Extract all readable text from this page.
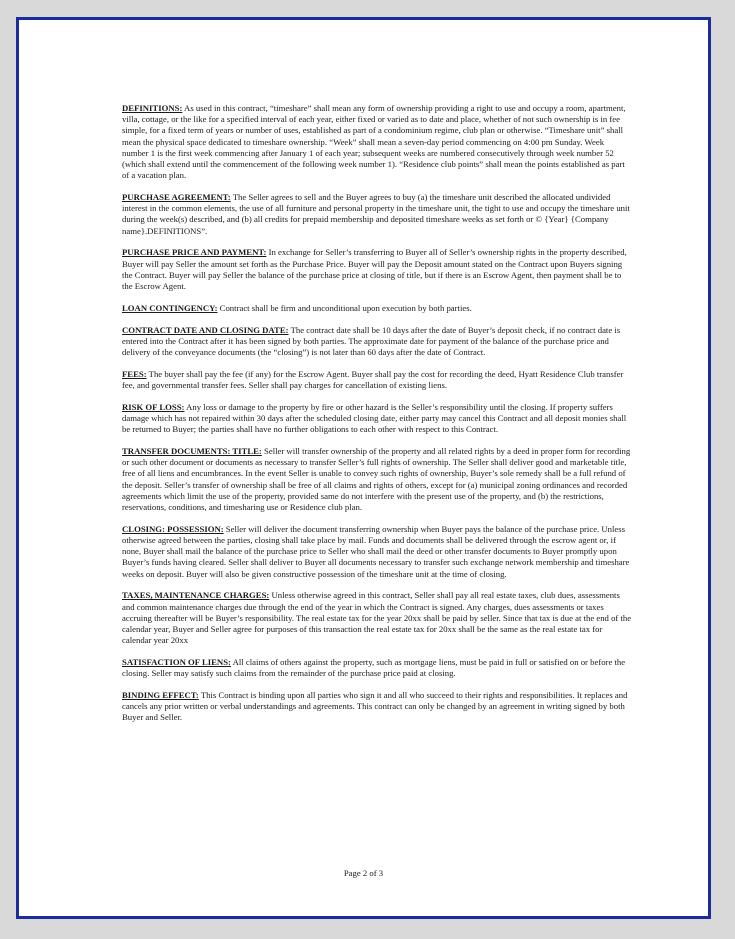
DEFINITIONS: As used in this contract, “timeshare” shall mean any form of ownership providing a right to use and occupy a room, apartment, villa, cottage, or the like for a specified interval of each year, either fixed or varied as to date and place, whether of not such ownership is in fee simple, for a fixed term of years or number of uses, established as part of a condominium regime, club plan or otherwise. “Timeshare unit” shall mean the physical space dedicated to timeshare ownership. “Week” shall mean a seven-day period commencing on 4:00 pm Sunday. Week number 1 is the first week commencing after January 1 of each year; subsequent weeks are numbered consecutively through week number 52 (which shall extend until the commencement of the following week number 1). “Residence club points” shall mean the points established as part of a vacation plan.

PURCHASE AGREEMENT: The Seller agrees to sell and the Buyer agrees to buy (a) the timeshare unit described the allocated undivided interest in the common elements, the use of all furniture and personal property in the timeshare unit, the tight to use and occupy the timeshare unit during the week(s) described, and (b) all credits for prepaid membership and deposited timeshare weeks as set forth or © {Year} {Company name}.DEFINITIONS”.

PURCHASE PRICE AND PAYMENT: In exchange for Seller’s transferring to Buyer all of Seller’s ownership rights in the property described, Buyer will pay Seller the amount set forth as the Purchase Price. Buyer will pay the Deposit amount stated on the Contract upon Buyers signing the Contract. Buyer will pay Seller the balance of the purchase price at closing of title, but if there is an Escrow Agent, then payment shall be to the Escrow Agent.

LOAN CONTINGENCY: Contract shall be firm and unconditional upon execution by both parties.

CONTRACT DATE AND CLOSING DATE: The contract date shall be 10 days after the date of Buyer’s deposit check, if no contract date is entered into the Contract after it has been signed by both parties. The approximate date for payment of the balance of the purchase price and delivery of the conveyance documents (the “closing”) is not later than 60 days after the date of Contract.

FEES: The buyer shall pay the fee (if any) for the Escrow Agent. Buyer shall pay the cost for recording the deed, Hyatt Residence Club transfer fee, and governmental transfer fees. Seller shall pay charges for cancellation of existing liens.

RISK OF LOSS: Any loss or damage to the property by fire or other hazard is the Seller’s responsibility until the closing. If property suffers damage which has not repaired within 30 days after the scheduled closing date, either party may cancel this Contract and all deposit monies shall be returned to Buyer; the parties shall have no further obligations to each other with respect to this Contract.

TRANSFER DOCUMENTS: TITLE: Seller will transfer ownership of the property and all related rights by a deed in proper form for recording or such other document or documents as necessary to transfer Seller’s full rights of ownership. The Seller shall deliver good and marketable title, free of all liens and encumbrances. In the event Seller is unable to convey such rights of ownership, Buyer’s sole remedy shall be a full refund of the deposit. Seller’s transfer of ownership shall be free of all claims and rights of others, except for (a) municipal zoning ordinances and recorded agreements which limit the use of the property, provided same do not interfere with the present use of the property, and (b) the restrictions, reservations, conditions, and timesharing use or Residence club plan.

CLOSING: POSSESSION: Seller will deliver the document transferring ownership when Buyer pays the balance of the purchase price. Unless otherwise agreed between the parties, closing shall take place by mail. Funds and documents shall be delivered through the escrow agent or, if none, Buyer shall mail the balance of the purchase price to Seller who shall mail the deed or other transfer documents to Buyer promptly upon Buyer’s funds having cleared. Seller shall deliver to Buyer all documents necessary to transfer such exchange network membership and timeshare weeks on deposit. Buyer will also be given constructive possession of the timeshare unit at the time of closing.

TAXES, MAINTENANCE CHARGES: Unless otherwise agreed in this contract, Seller shall pay all real estate taxes, club dues, assessments and common maintenance charges due through the end of the year in which the Contract is signed. Any charges, dues assessments or taxes accruing thereafter will be Buyer’s responsibility. The real estate tax for the year 20xx shall be paid by seller. Since that tax is due at the end of the calendar year, Buyer and Seller agree for purposes of this transaction the real estate tax for 20xx shall be the same as the real estate tax for calendar year 20xx

SATISFACTION OF LIENS: All claims of others against the property, such as mortgage liens, must be paid in full or satisfied on or before the closing. Seller may satisfy such claims from the remainder of the purchase price paid at closing.

BINDING EFFECT: This Contract is binding upon all parties who sign it and all who succeed to their rights and responsibilities. It replaces and cancels any prior written or verbal understandings and agreements. This contract can only be changed by an agreement in writing signed by both Buyer and Seller.

Page 2 of 3
